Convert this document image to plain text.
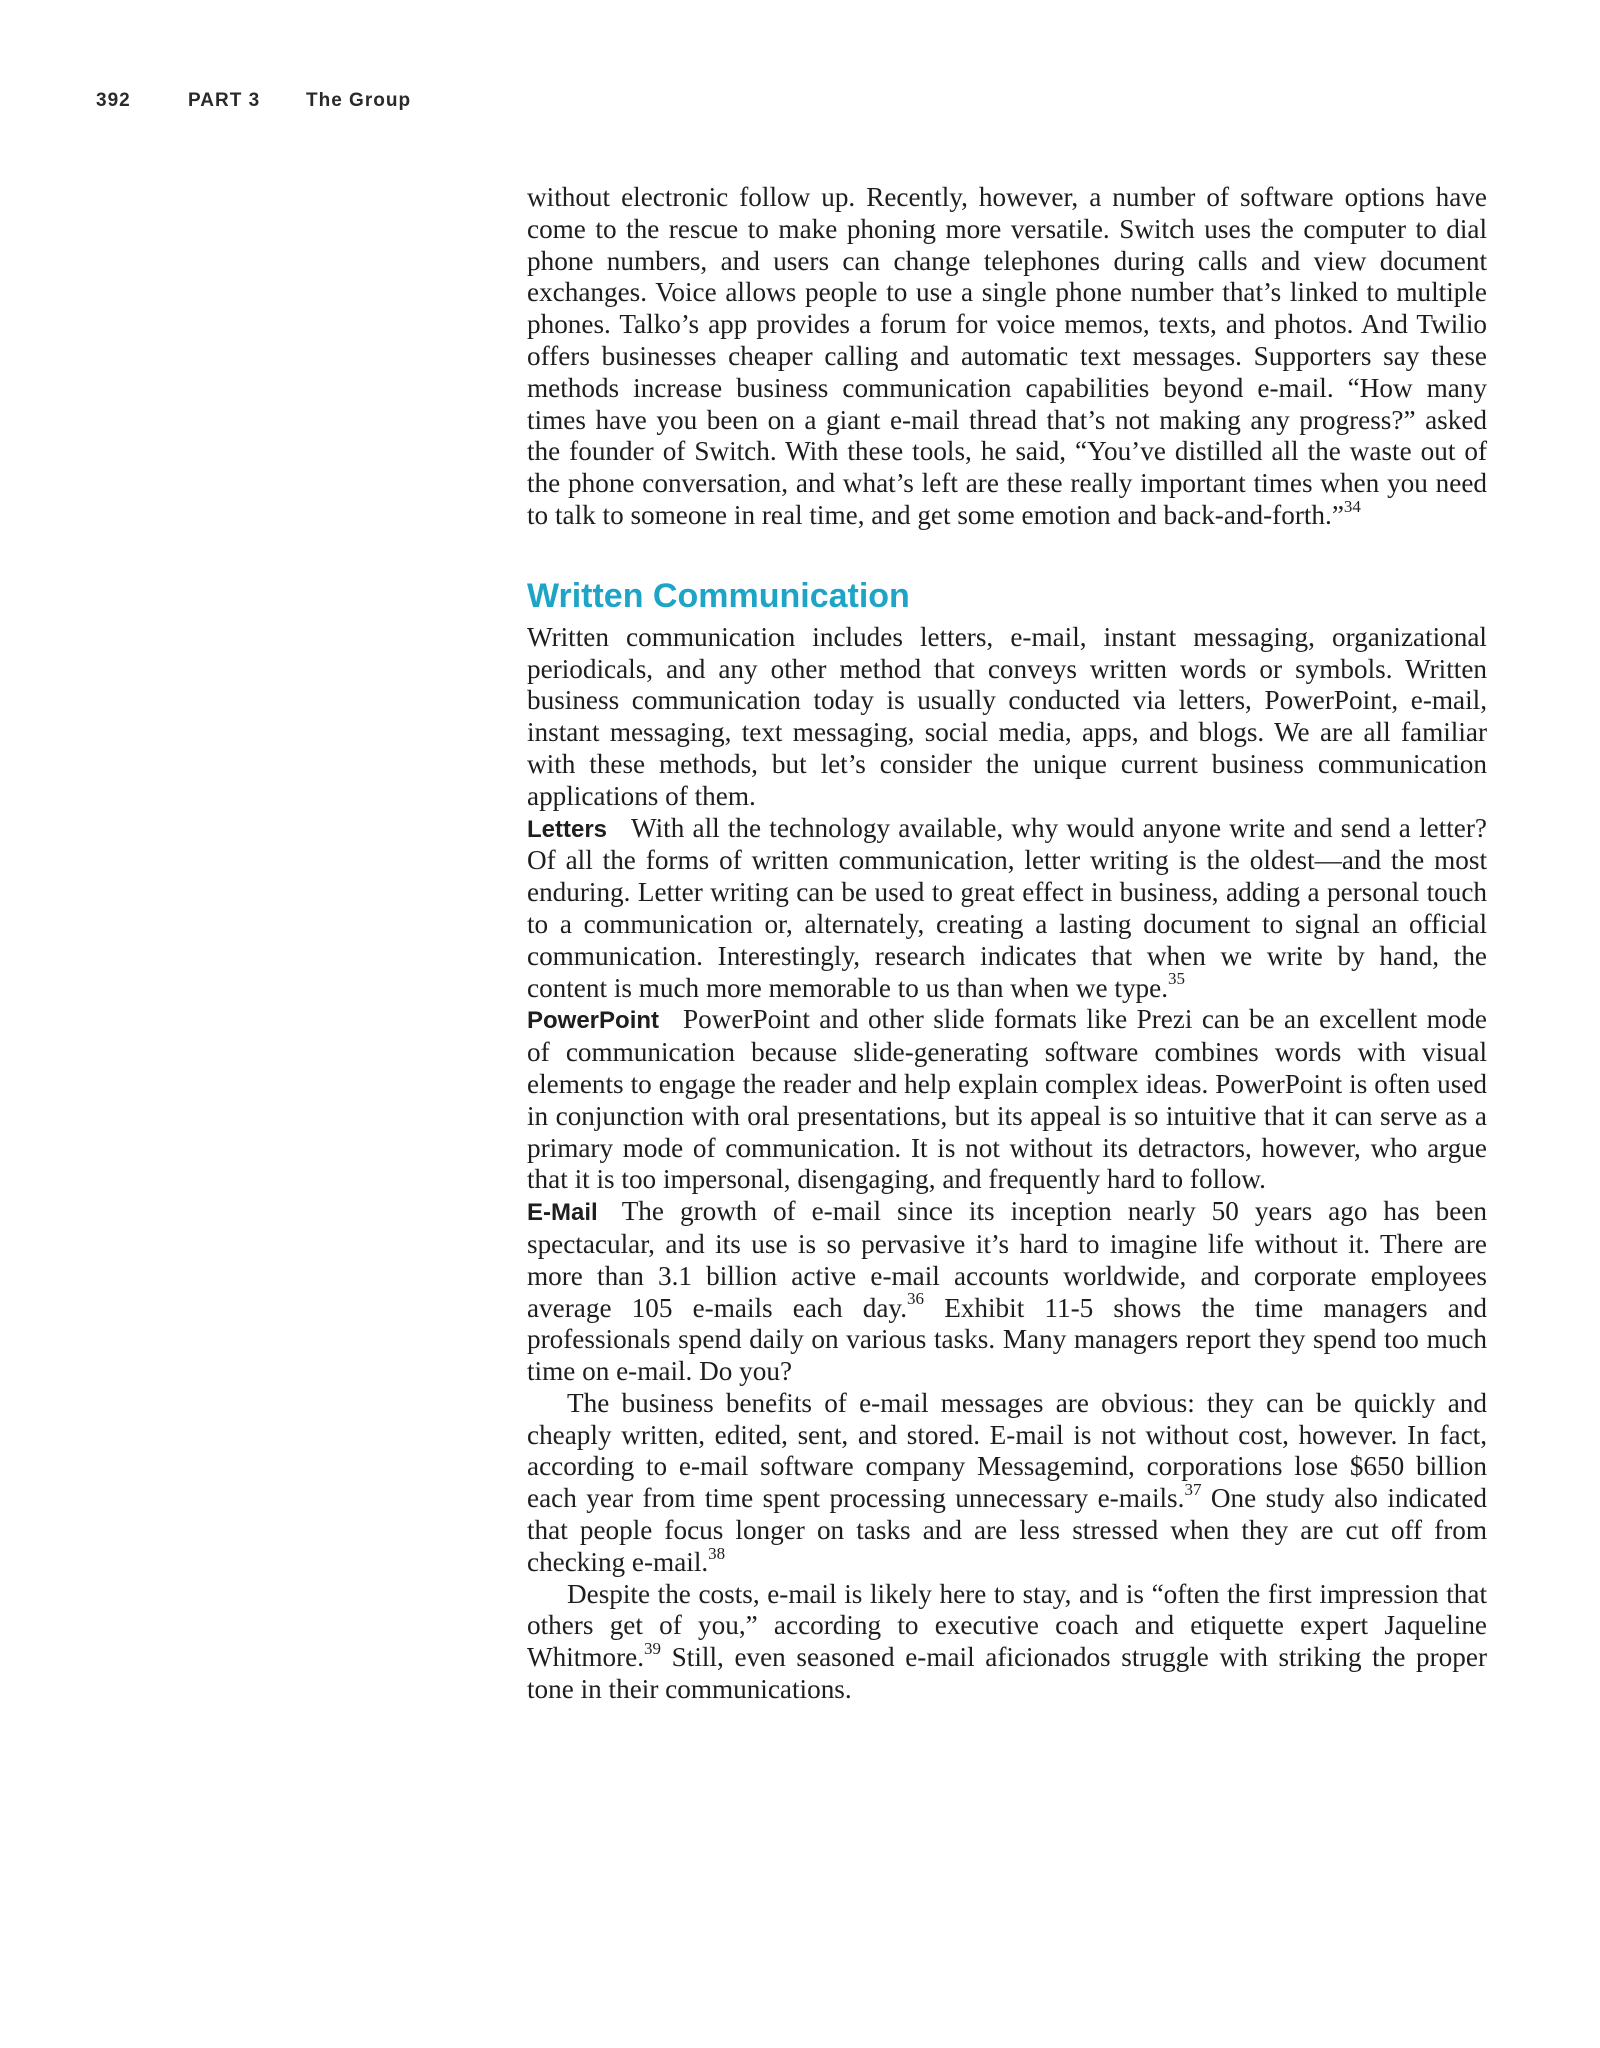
392	PART 3 The Group

without electronic follow up. Recently, however, a number of software options have come to the rescue to make phoning more versatile. Switch uses the computer to dial phone numbers, and users can change telephones during calls and view document exchanges. Voice allows people to use a single phone number that’s linked to multiple phones. Talko’s app provides a forum for voice memos, texts, and photos. And Twilio offers businesses cheaper calling and automatic text messages. Supporters say these methods increase business communication capabilities beyond e-mail. “How many times have you been on a giant e-mail thread that’s not making any progress?” asked the founder of Switch. With these tools, he said, “You’ve distilled all the waste out of the phone conversation, and what’s left are these really important times when you need to talk to someone in real time, and get some emotion and back-and-forth.”$^{34}$

Written Communication

Written communication includes letters, e-mail, instant messaging, organizational periodicals, and any other method that conveys written words or symbols. Written business communication today is usually conducted via letters, PowerPoint, e-mail, instant messaging, text messaging, social media, apps, and blogs. We are all familiar with these methods, but let’s consider the unique current business communication applications of them.

Letters With all the technology available, why would anyone write and send a letter? Of all the forms of written communication, letter writing is the oldest—and the most enduring. Letter writing can be used to great effect in business, adding a personal touch to a communication or, alternately, creating a lasting document to signal an official communication. Interestingly, research indicates that when we write by hand, the content is much more memorable to us than when we type.$^{35}$

PowerPoint PowerPoint and other slide formats like Prezi can be an excellent mode of communication because slide-generating software combines words with visual elements to engage the reader and help explain complex ideas. PowerPoint is often used in conjunction with oral presentations, but its appeal is so intuitive that it can serve as a primary mode of communication. It is not without its detractors, however, who argue that it is too impersonal, disengaging, and frequently hard to follow.

E-Mail The growth of e-mail since its inception nearly 50 years ago has been spectacular, and its use is so pervasive it’s hard to imagine life without it. There are more than 3.1 billion active e-mail accounts worldwide, and corporate employees average 105 e-mails each day.$^{36}$ Exhibit 11-5 shows the time managers and professionals spend daily on various tasks. Many managers report they spend too much time on e-mail. Do you?

The business benefits of e-mail messages are obvious: they can be quickly and cheaply written, edited, sent, and stored. E-mail is not without cost, however. In fact, according to e-mail software company Messagemind, corporations lose $650 billion each year from time spent processing unnecessary e-mails.$^{37}$ One study also indicated that people focus longer on tasks and are less stressed when they are cut off from checking e-mail.$^{38}$

Despite the costs, e-mail is likely here to stay, and is “often the first impression that others get of you,” according to executive coach and etiquette expert Jaqueline Whitmore.$^{39}$ Still, even seasoned e-mail aficionados struggle with striking the proper tone in their communications.
